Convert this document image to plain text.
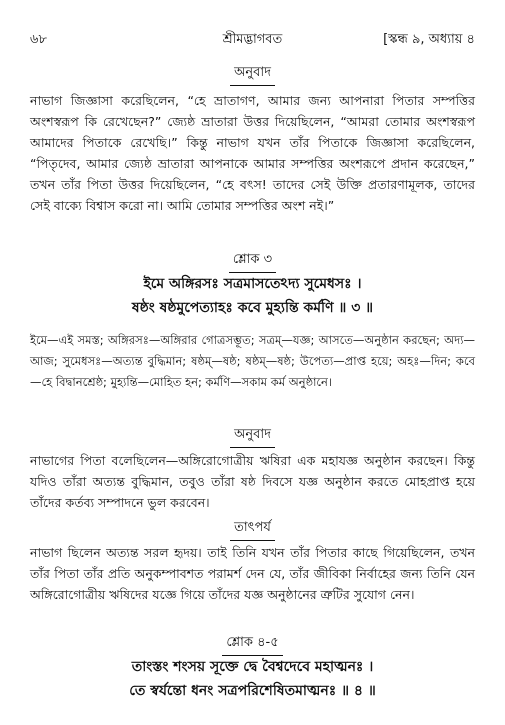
৬৮	শ্রীমদ্ভাগবত	[স্কন্ধ ৯, অধ্যায় ৪
অনুবাদ
নাভাগ জিজ্ঞাসা করেছিলেন, “হে ভ্রাতাগণ, আমার জন্য আপনারা পিতার সম্পত্তির অংশস্বরূপ কি রেখেছেন?” জ্যেষ্ঠ ভ্রাতারা উত্তর দিয়েছিলেন, “আমরা তোমার অংশস্বরূপ আমাদের পিতাকে রেখেছি।” কিন্তু নাভাগ যখন তাঁর পিতাকে জিজ্ঞাসা করেছিলেন, “পিতৃদেব, আমার জ্যেষ্ঠ ভ্রাতারা আপনাকে আমার সম্পত্তির অংশরূপে প্রদান করেছেন,” তখন তাঁর পিতা উত্তর দিয়েছিলেন, “হে বৎস! তাদের সেই উক্তি প্রতারণামূলক, তাদের সেই বাক্যে বিশ্বাস করো না। আমি তোমার সম্পত্তির অংশ নই।”
শ্লোক ৩
ইমে অঙ্গিরসঃ সত্রমাসতেঽদ্য সুমেধসঃ ।
ষষ্ঠং ষষ্ঠমুপেত্যাহঃ কবে মুহ্যন্তি কর্মণি ॥ ৩ ॥
ইমে—এই সমস্ত; অঙ্গিরসঃ—অঙ্গিরার গোত্রসম্ভূত; সত্রম্—যজ্ঞ; আসতে—অনুষ্ঠান করছেন; অদ্য—আজ; সুমেধসঃ—অত্যন্ত বুদ্ধিমান; ষষ্ঠম্—ষষ্ঠ; ষষ্ঠম্—ষষ্ঠ; উপেত্য—প্রাপ্ত হয়ে; অহঃ—দিন; কবে—হে বিদ্বানশ্রেষ্ঠ; মুহ্যন্তি—মোহিত হন; কর্মণি—সকাম কর্ম অনুষ্ঠানে।
অনুবাদ
নাভাগের পিতা বলেছিলেন—অঙ্গিরোগোত্রীয় ঋষিরা এক মহাযজ্ঞ অনুষ্ঠান করছেন। কিন্তু যদিও তাঁরা অত্যন্ত বুদ্ধিমান, তবুও তাঁরা ষষ্ঠ দিবসে যজ্ঞ অনুষ্ঠান করতে মোহপ্রাপ্ত হয়ে তাঁদের কর্তব্য সম্পাদনে ভুল করবেন।
তাৎপর্য
নাভাগ ছিলেন অত্যন্ত সরল হৃদয়। তাই তিনি যখন তাঁর পিতার কাছে গিয়েছিলেন, তখন তাঁর পিতা তাঁর প্রতি অনুকম্পাবশত পরামর্শ দেন যে, তাঁর জীবিকা নির্বাহের জন্য তিনি যেন অঙ্গিরোগোত্রীয় ঋষিদের যজ্ঞে গিয়ে তাঁদের যজ্ঞ অনুষ্ঠানের ত্রুটির সুযোগ নেন।
শ্লোক ৪-৫
তাংস্তং শংসয় সূক্তে দ্বে বৈশ্বদেবে মহাত্মনঃ ।
তে স্বর্যন্তো ধনং সত্রপরিশেষিতমাত্মনঃ ॥ ৪ ॥
